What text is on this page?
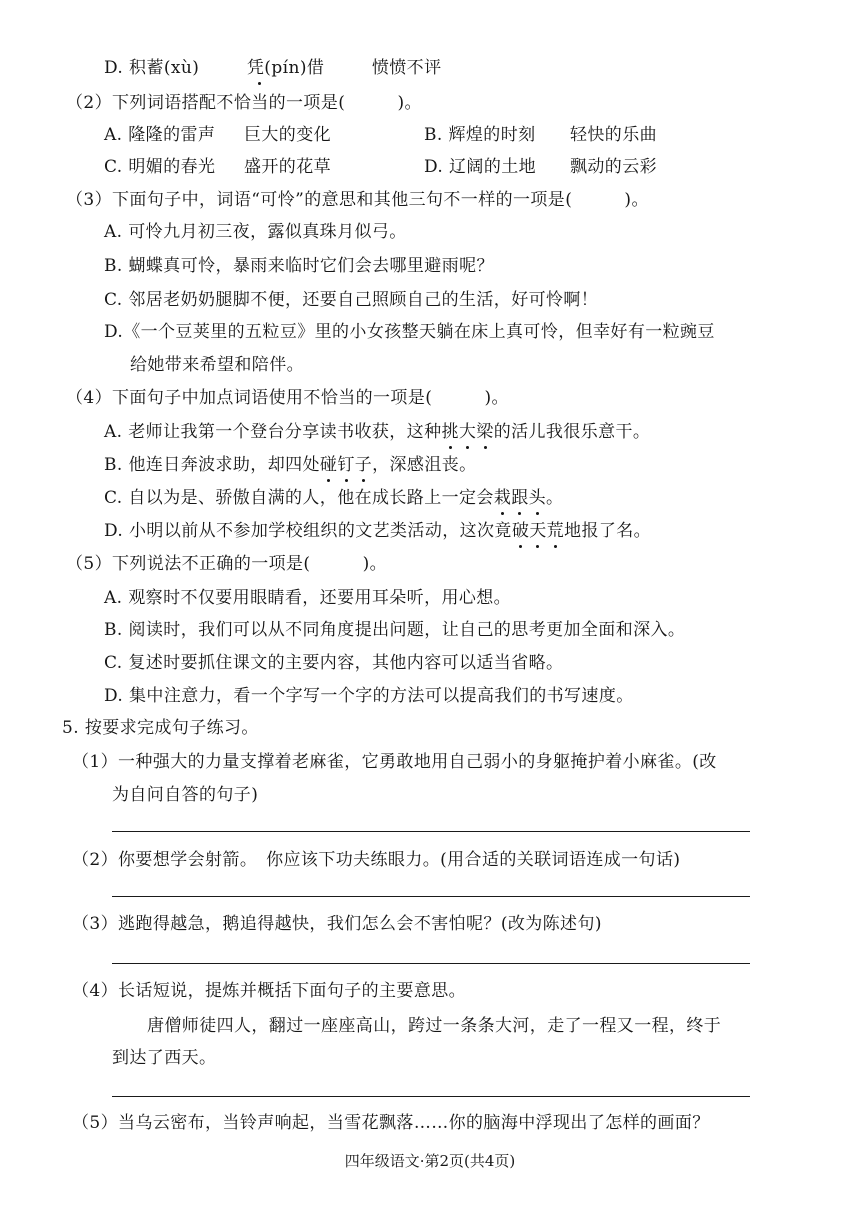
D. 积蓄(xù)	凭(pín)借	愤愤不评
（2）下列词语搭配不恰当的一项是(　　　)。
A. 隆隆的雷声 巨大的变化	B. 辉煌的时刻 轻快的乐曲
C. 明媚的春光 盛开的花草	D. 辽阔的土地 飘动的云彩
（3）下面句子中，词语“可怜”的意思和其他三句不一样的一项是(　　　)。
A. 可怜九月初三夜，露似真珠月似弓。
B. 蝴蝶真可怜，暴雨来临时它们会去哪里避雨呢？
C. 邻居老奶奶腿脚不便，还要自己照顾自己的生活，好可怜啊！
D.《一个豆荚里的五粒豆》里的小女孩整天躺在床上真可怜，但幸好有一粒豌豆
给她带来希望和陪伴。
（4）下面句子中加点词语使用不恰当的一项是(　　　)。
A. 老师让我第一个登台分享读书收获，这种挑大梁的活儿我很乐意干。
B. 他连日奔波求助，却四处碰钉子，深感沮丧。
C. 自以为是、骄傲自满的人，他在成长路上一定会栽跟头。
D. 小明以前从不参加学校组织的文艺类活动，这次竟破天荒地报了名。
（5）下列说法不正确的一项是(　　　)。
A. 观察时不仅要用眼睛看，还要用耳朵听，用心想。
B. 阅读时，我们可以从不同角度提出问题，让自己的思考更加全面和深入。
C. 复述时要抓住课文的主要内容，其他内容可以适当省略。
D. 集中注意力，看一个字写一个字的方法可以提高我们的书写速度。
5. 按要求完成句子练习。
（1）一种强大的力量支撑着老麻雀，它勇敢地用自己弱小的身躯掩护着小麻雀。(改
为自问自答的句子)
（2）你要想学会射箭。　你应该下功夫练眼力。(用合适的关联词语连成一句话)
（3）逃跑得越急，鹅追得越快，我们怎么会不害怕呢？(改为陈述句)
（4）长话短说，提炼并概括下面句子的主要意思。
唐僧师徒四人，翻过一座座高山，跨过一条条大河，走了一程又一程，终于
到达了西天。
（5）当乌云密布，当铃声响起，当雪花飘落……你的脑海中浮现出了怎样的画面？
四年级语文·第2页(共4页)
